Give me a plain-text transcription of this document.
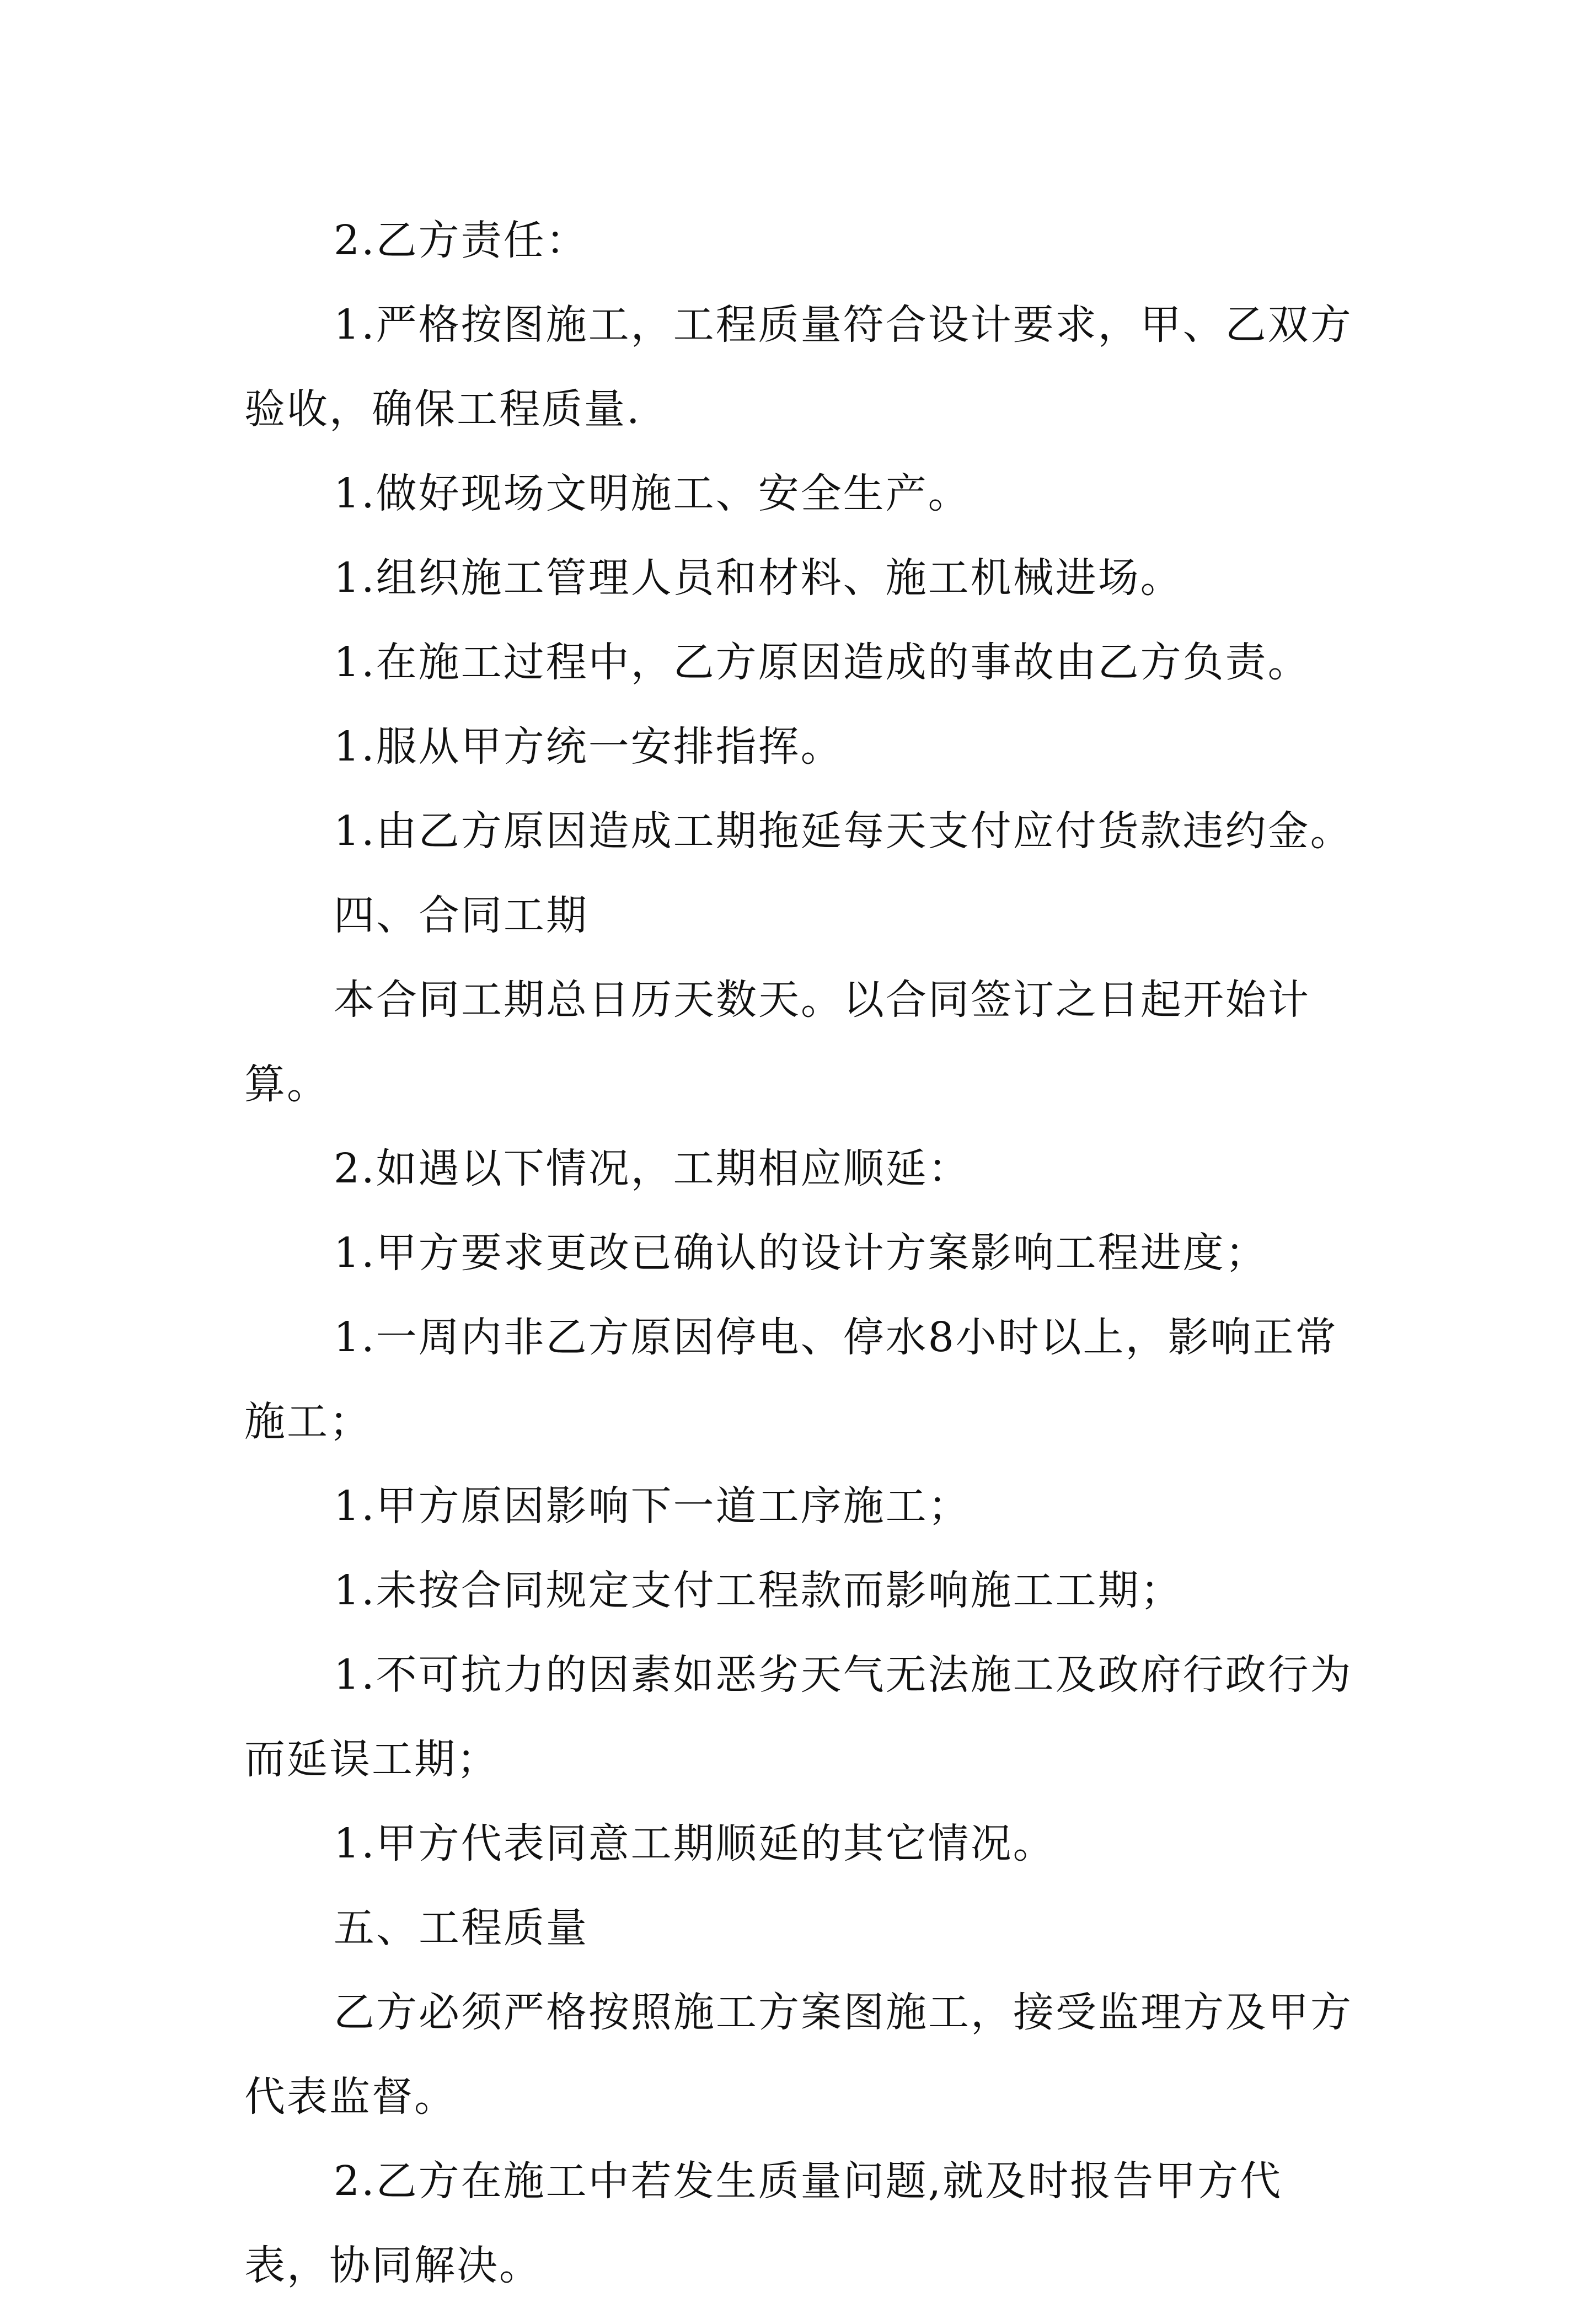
2.乙方责任：

1.严格按图施工，工程质量符合设计要求，甲、乙双方验收，确保工程质量.

1.做好现场文明施工、安全生产。

1.组织施工管理人员和材料、施工机械进场。

1.在施工过程中，乙方原因造成的事故由乙方负责。

1.服从甲方统一安排指挥。

1.由乙方原因造成工期拖延每天支付应付货款违约金。

四、合同工期

本合同工期总日历天数天。以合同签订之日起开始计算。

2.如遇以下情况，工期相应顺延：

1.甲方要求更改已确认的设计方案影响工程进度；

1.一周内非乙方原因停电、停水8小时以上，影响正常施工；

1.甲方原因影响下一道工序施工；

1.未按合同规定支付工程款而影响施工工期；

1.不可抗力的因素如恶劣天气无法施工及政府行政行为而延误工期；

1.甲方代表同意工期顺延的其它情况。

五、工程质量

乙方必须严格按照施工方案图施工，接受监理方及甲方代表监督。

2.乙方在施工中若发生质量问题,就及时报告甲方代表，协同解决。
